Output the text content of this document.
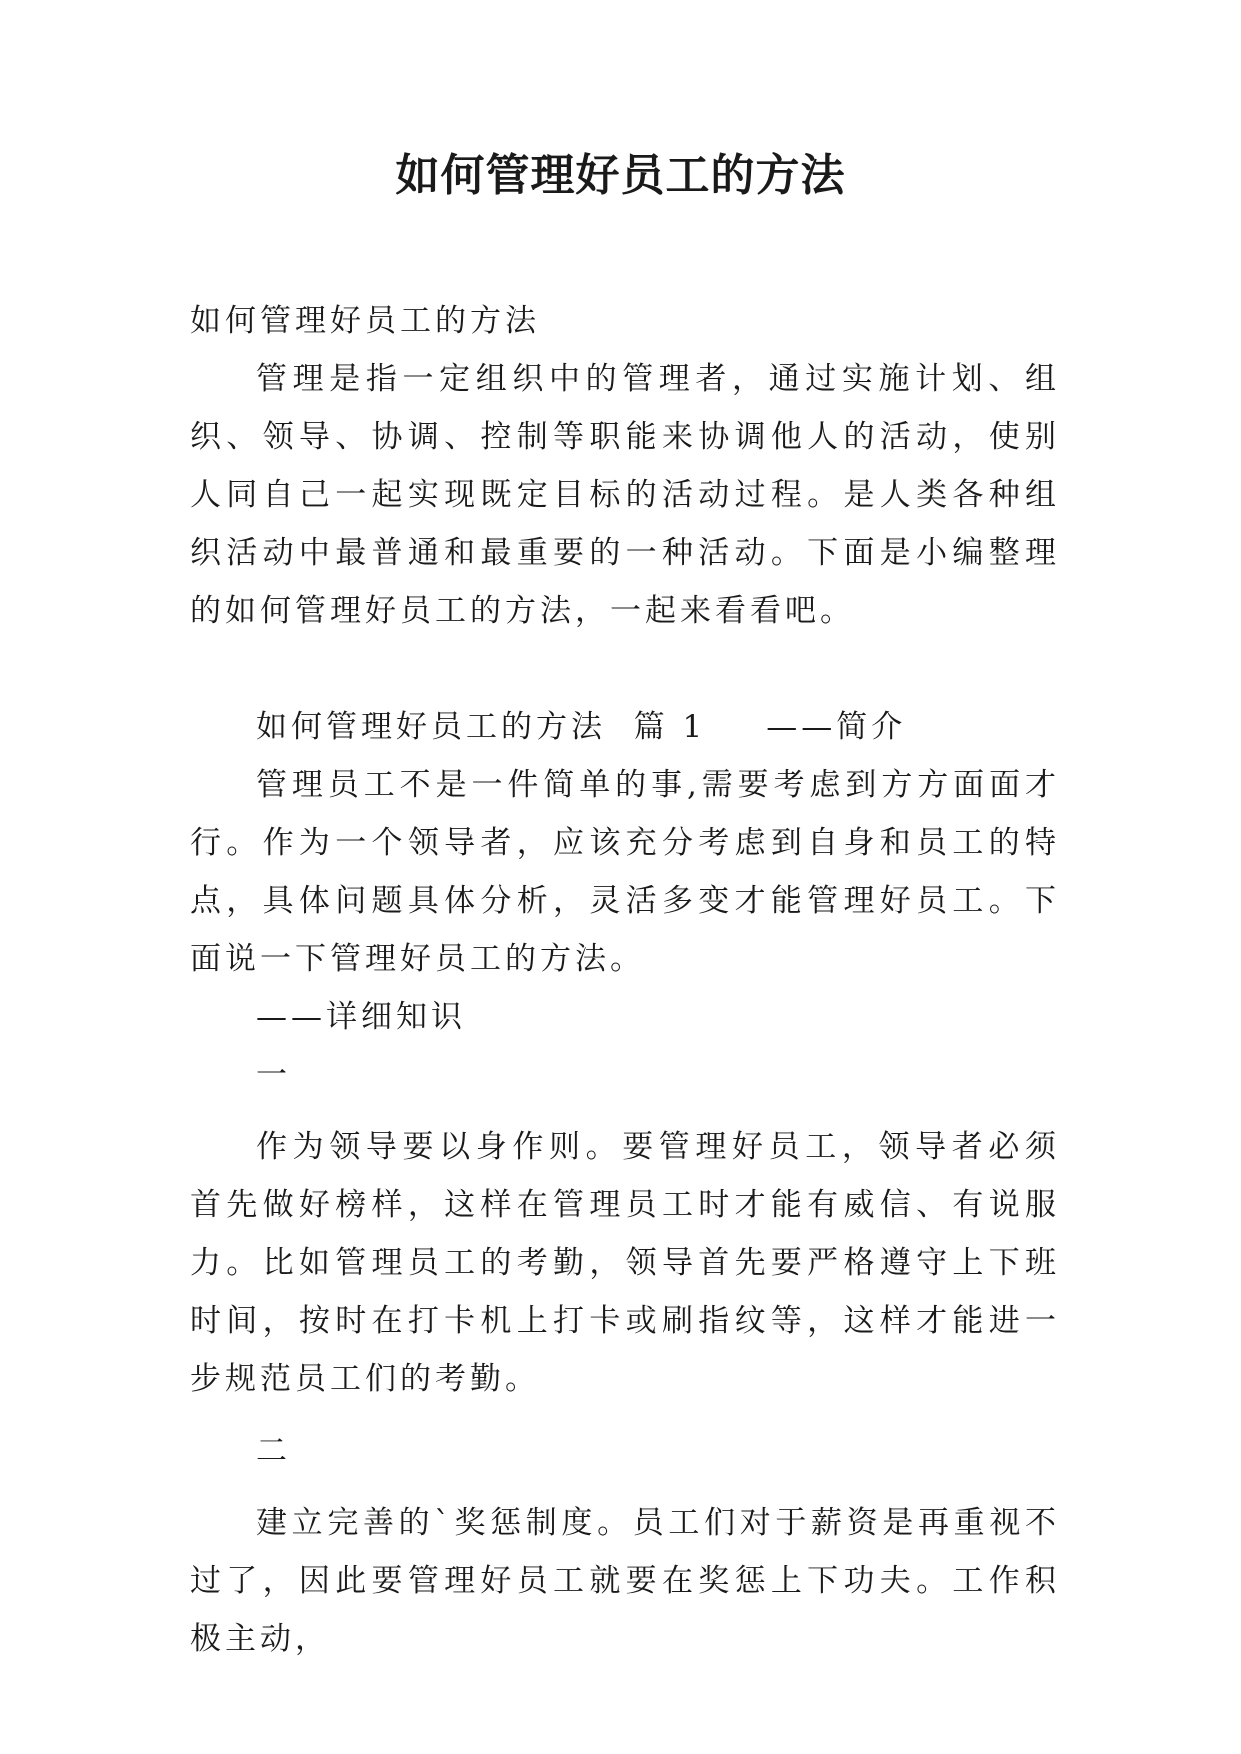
如何管理好员工的方法

如何管理好员工的方法

管理是指一定组织中的管理者，通过实施计划、组织、领导、协调、控制等职能来协调他人的活动，使别人同自己一起实现既定目标的活动过程。是人类各种组织活动中最普通和最重要的一种活动。下面是小编整理的如何管理好员工的方法，一起来看看吧。

如何管理好员工的方法  篇 1 ——简介

管理员工不是一件简单的事,需要考虑到方方面面才行。作为一个领导者，应该充分考虑到自身和员工的特点，具体问题具体分析，灵活多变才能管理好员工。下面说一下管理好员工的方法。

——详细知识

一

作为领导要以身作则。要管理好员工，领导者必须首先做好榜样，这样在管理员工时才能有威信、有说服力。比如管理员工的考勤，领导首先要严格遵守上下班时间，按时在打卡机上打卡或刷指纹等，这样才能进一步规范员工们的考勤。

二

建立完善的`奖惩制度。员工们对于薪资是再重视不过了，因此要管理好员工就要在奖惩上下功夫。工作积极主动，
